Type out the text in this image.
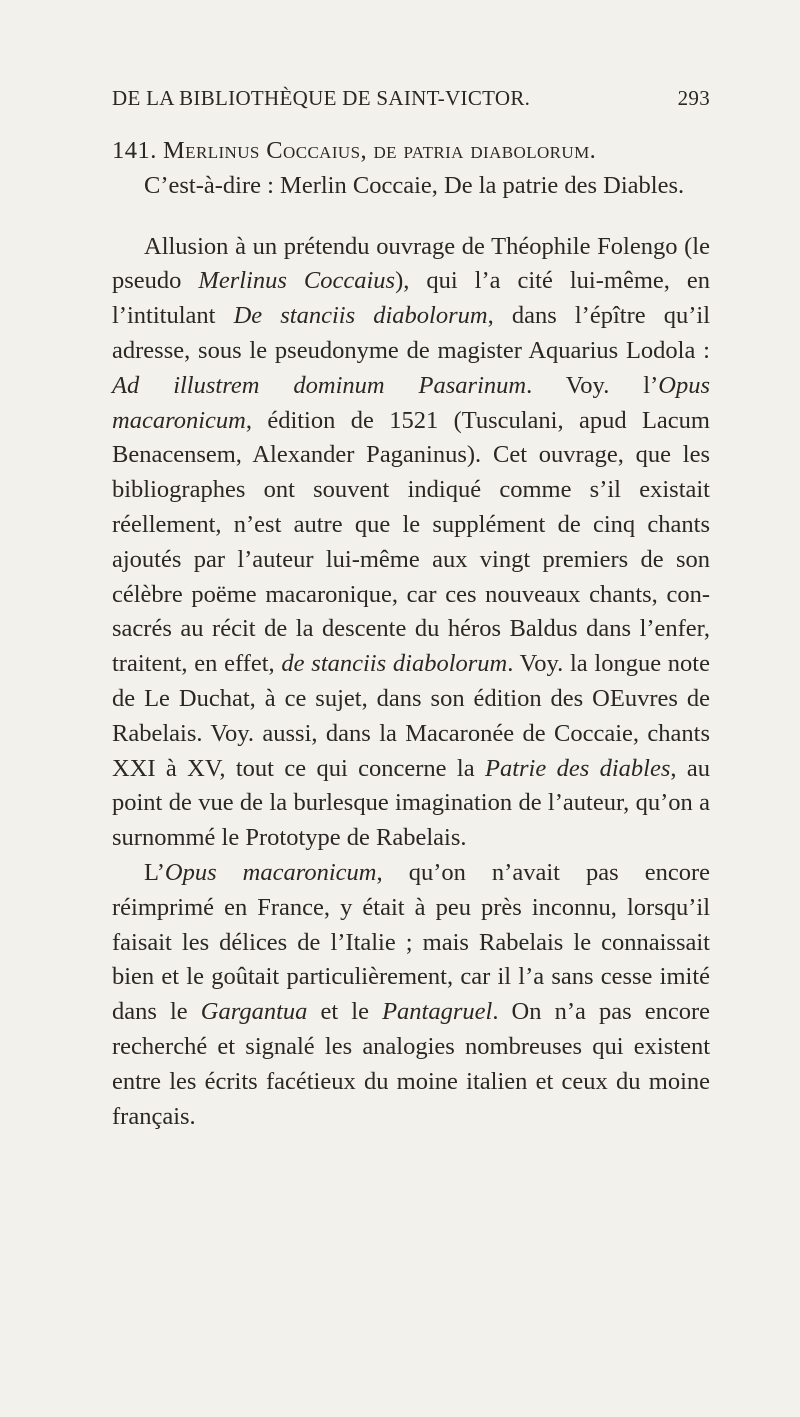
DE LA BIBLIOTHÈQUE DE SAINT-VICTOR.	293

141. Merlinus Coccaius, de patria diabolorum.

C’est-à-dire : Merlin Coccaie, De la patrie des Diables.

Allusion à un prétendu ouvrage de Théophile Folengo (le pseudo Merlinus Coccaius), qui l’a cité lui-même, en l’intitulant De stanciis diabolorum, dans l’épître qu’il adresse, sous le pseudonyme de magister Aquarius Lodola : Ad illustrem dominum Pasarinum. Voy. l’Opus macaronicum, édition de 1521 (Tusculani, apud Lacum Benacensem, Alexander Paganinus). Cet ouvrage, que les bibliographes ont souvent indiqué comme s’il existait réellement, n’est autre que le supplément de cinq chants ajoutés par l’auteur lui-même aux vingt premiers de son célèbre poëme macaronique, car ces nouveaux chants, consacrés au récit de la descente du héros Baldus dans l’enfer, traitent, en effet, de stanciis diabolorum. Voy. la longue note de Le Duchat, à ce sujet, dans son édition des OEuvres de Rabelais. Voy. aussi, dans la Macaronée de Coccaie, chants XXI à XV, tout ce qui concerne la Patrie des diables, au point de vue de la burlesque imagination de l’auteur, qu’on a surnommé le Prototype de Rabelais.

L’Opus macaronicum, qu’on n’avait pas encore réimprimé en France, y était à peu près inconnu, lorsqu’il faisait les délices de l’Italie ; mais Rabelais le connaissait bien et le goûtait particulièrement, car il l’a sans cesse imité dans le Gargantua et le Pantagruel. On n’a pas encore recherché et signalé les analogies nombreuses qui existent entre les écrits facétieux du moine italien et ceux du moine français.
